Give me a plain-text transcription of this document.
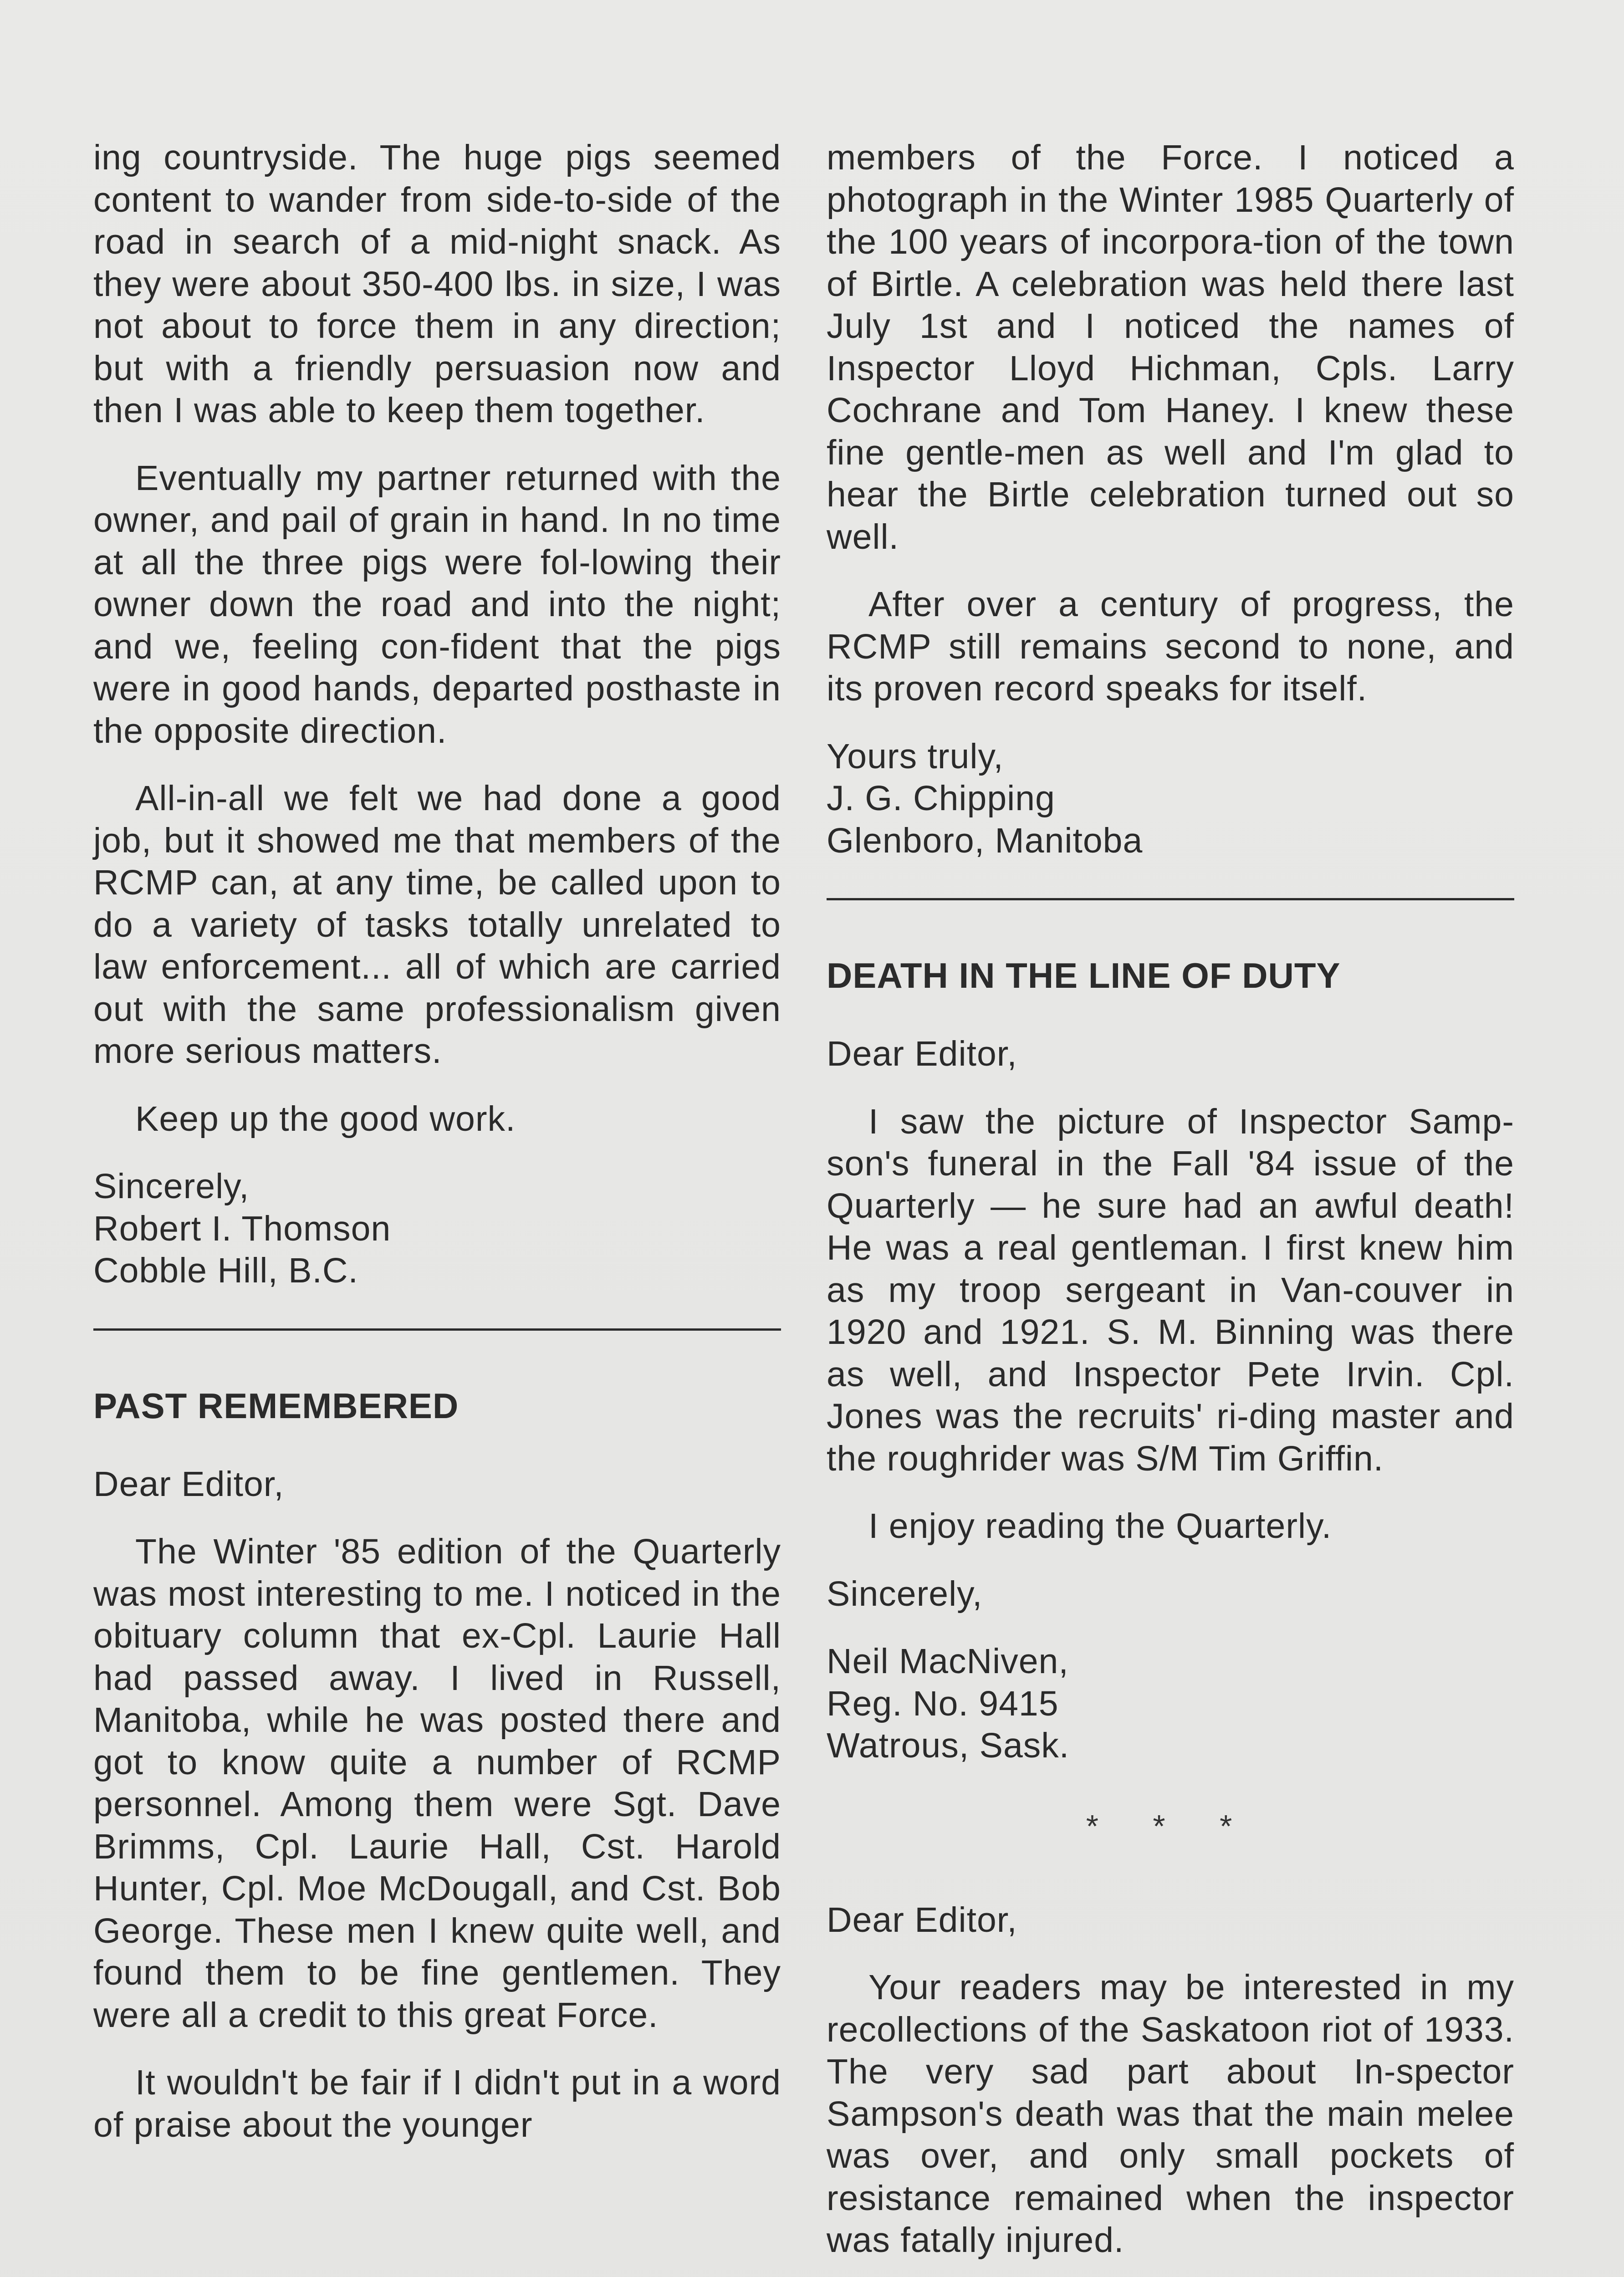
ing countryside. The huge pigs seemed content to wander from side-to-side of the road in search of a mid-night snack. As they were about 350-400 lbs. in size, I was not about to force them in any direction; but with a friendly persuasion now and then I was able to keep them together.

Eventually my partner returned with the owner, and pail of grain in hand. In no time at all the three pigs were fol-lowing their owner down the road and into the night; and we, feeling con-fident that the pigs were in good hands, departed posthaste in the opposite direction.

All-in-all we felt we had done a good job, but it showed me that members of the RCMP can, at any time, be called upon to do a variety of tasks totally unrelated to law enforcement... all of which are carried out with the same professionalism given more serious matters.

Keep up the good work.

Sincerely,
Robert I. Thomson
Cobble Hill, B.C.

PAST REMEMBERED

Dear Editor,

The Winter '85 edition of the Quarterly was most interesting to me. I noticed in the obituary column that ex-Cpl. Laurie Hall had passed away. I lived in Russell, Manitoba, while he was posted there and got to know quite a number of RCMP personnel. Among them were Sgt. Dave Brimms, Cpl. Laurie Hall, Cst. Harold Hunter, Cpl. Moe McDougall, and Cst. Bob George. These men I knew quite well, and found them to be fine gentlemen. They were all a credit to this great Force.

It wouldn't be fair if I didn't put in a word of praise about the younger

members of the Force. I noticed a photograph in the Winter 1985 Quarterly of the 100 years of incorpora-tion of the town of Birtle. A celebration was held there last July 1st and I noticed the names of Inspector Lloyd Hichman, Cpls. Larry Cochrane and Tom Haney. I knew these fine gentle-men as well and I'm glad to hear the Birtle celebration turned out so well.

After over a century of progress, the RCMP still remains second to none, and its proven record speaks for itself.

Yours truly,
J. G. Chipping
Glenboro, Manitoba

DEATH IN THE LINE OF DUTY

Dear Editor,

I saw the picture of Inspector Samp-son's funeral in the Fall '84 issue of the Quarterly — he sure had an awful death! He was a real gentleman. I first knew him as my troop sergeant in Van-couver in 1920 and 1921. S. M. Binning was there as well, and Inspector Pete Irvin. Cpl. Jones was the recruits' ri-ding master and the roughrider was S/M Tim Griffin.

I enjoy reading the Quarterly.

Sincerely,

Neil MacNiven,
Reg. No. 9415
Watrous, Sask.

* * *

Dear Editor,

Your readers may be interested in my recollections of the Saskatoon riot of 1933. The very sad part about In-spector Sampson's death was that the main melee was over, and only small pockets of resistance remained when the inspector was fatally injured.
